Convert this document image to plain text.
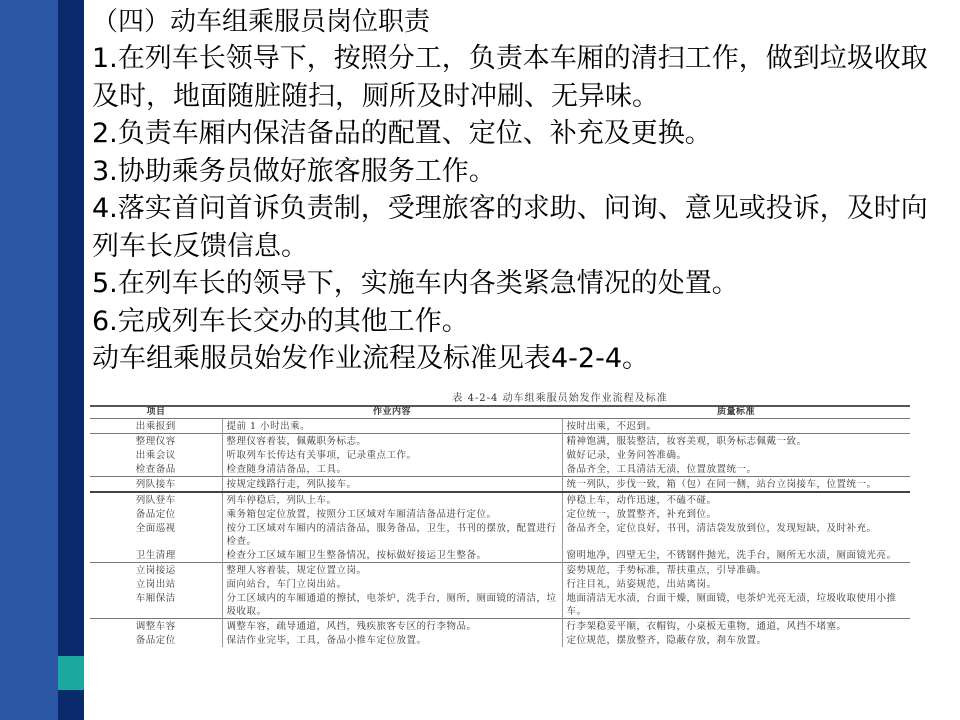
（四）动车组乘服员岗位职责

1.在列车长领导下，按照分工，负责本车厢的清扫工作，做到垃圾收取及时，地面随脏随扫，厕所及时冲刷、无异味。

2.负责车厢内保洁备品的配置、定位、补充及更换。

3.协助乘务员做好旅客服务工作。

4.落实首问首诉负责制，受理旅客的求助、问询、意见或投诉，及时向列车长反馈信息。

5.在列车长的领导下，实施车内各类紧急情况的处置。

6.完成列车长交办的其他工作。

动车组乘服员始发作业流程及标准见表4-2-4。

表 4-2-4 动车组乘服员始发作业流程及标准
项目	作业内容	质量标准
出乘报到	提前 1 小时出乘。	按时出乘，不迟到。
整理仪容	整理仪容着装，佩戴职务标志。	精神饱满，服装整洁，妆容美观，职务标志佩戴一致。
出乘会议	听取列车长传达有关事项，记录重点工作。	做好记录，业务问答准确。
检查备品	检查随身清洁备品，工具。	备品齐全，工具清洁无渍，位置放置统一。
列队接车	按规定线路行走，列队接车。	统一列队，步伐一致，箱（包）在同一侧，站台立岗接车，位置统一。
列队登车	列车停稳后，列队上车。	停稳上车，动作迅速，不磕不碰。
备品定位	乘务箱包定位放置，按照分工区域对车厢清洁备品进行定位。	定位统一，放置整齐，补充到位。
全面巡视	按分工区域对车厢内的清洁备品，服务备品，卫生，书刊的摆放，配置进行检查。	备品齐全，定位良好，书刊，清洁袋发放到位，发现短缺，及时补充。
卫生清理	检查分工区域车厢卫生整备情况，按标做好接运卫生整备。	窗明地净，四壁无尘，不锈钢件抛光，洗手台，厕所无水渍，厕面镜光亮。
立岗接运	整理人容着装，规定位置立岗。	姿势规范，手势标准，帮扶重点，引导准确。
立岗出站	面向站台，车门立岗出站。	行注目礼，站姿规范，出站离岗。
车厢保洁	分工区域内的车厢通道的擦拭，电茶炉，洗手台，厕所，厕面镜的清洁，垃圾收取。	地面清洁无水渍，台面干燥，厕面镜，电茶炉光亮无渍，垃圾收取使用小推车。
调整车容	调整车容，疏导通道，风挡，残疾旅客专区的行李物品。	行李架稳妥平顺，衣帽钩，小桌板无重物，通道，风挡不堵塞。
备品定位	保洁作业完毕，工具，备品小推车定位放置。	定位规范，摆放整齐，隐蔽存放，刹车放置。
